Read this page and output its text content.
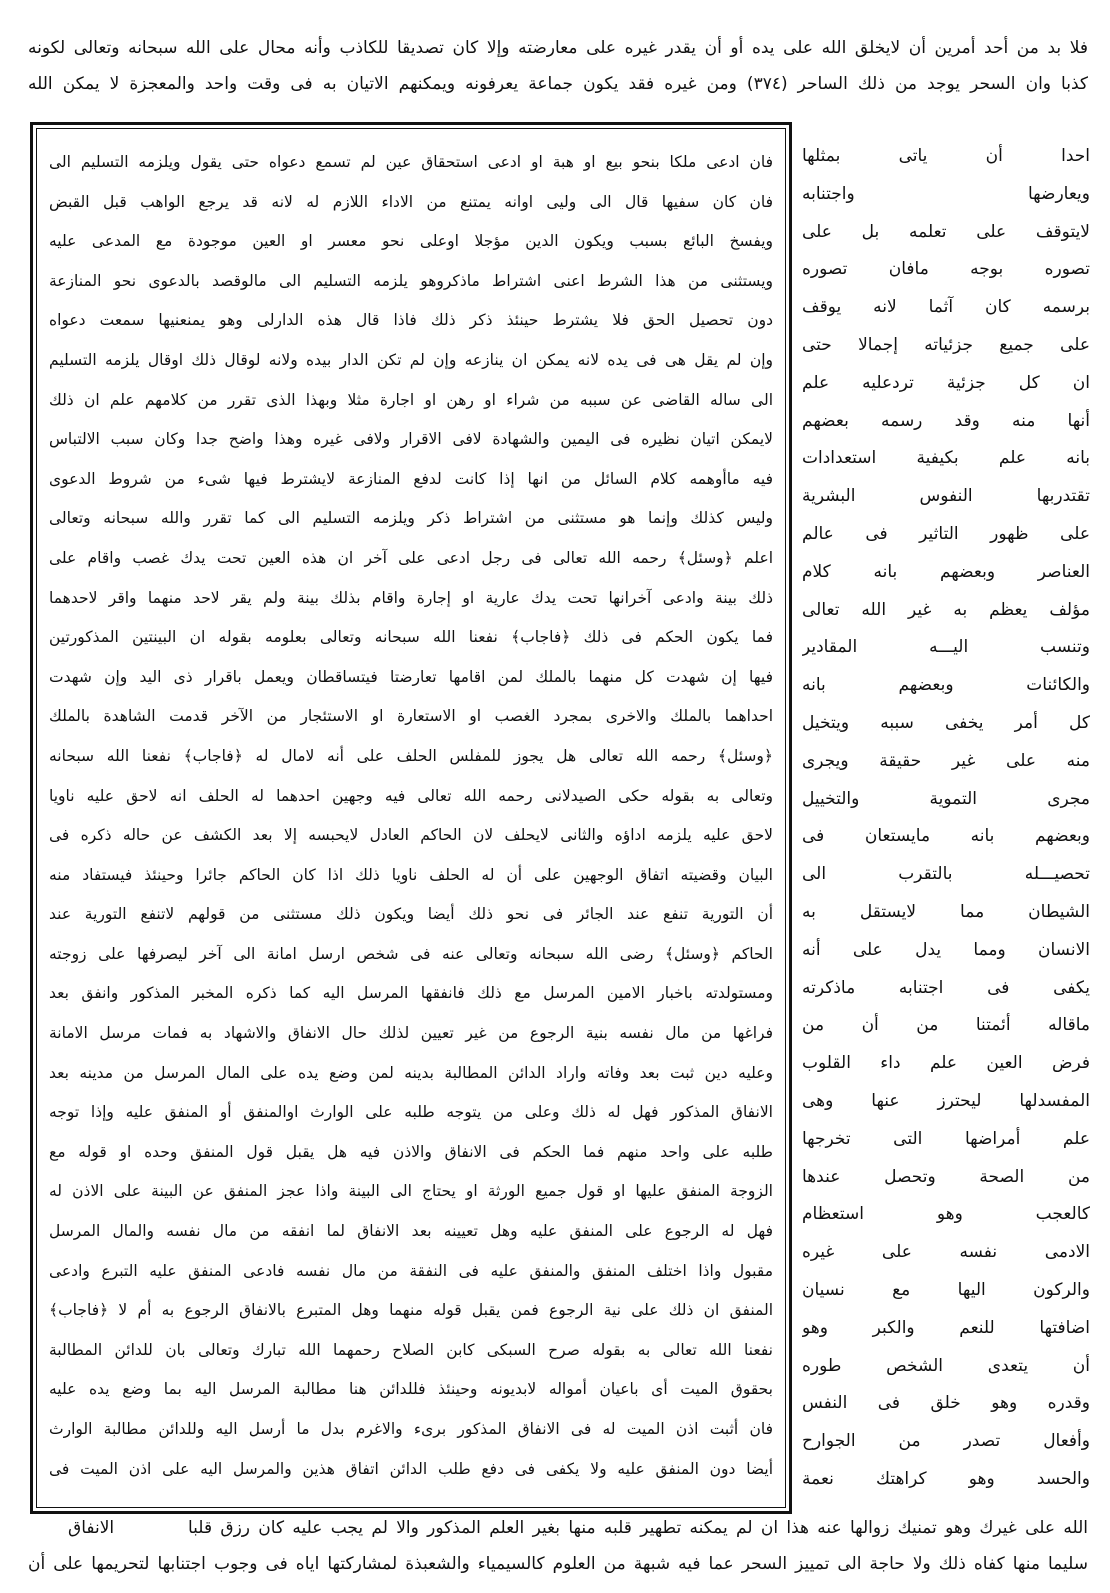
فلا بد من أحد أمرين أن لايخلق الله على يده أو أن يقدر غيره على معارضته وإلا كان تصديقا للكاذب وأنه محال على الله سبحانه وتعالى لكونه
كذبا وان السحر يوجد من ذلك الساحر (٣٧٤) ومن غيره فقد يكون جماعة يعرفونه ويمكنهم الاتيان به فى وقت واحد والمعجزة لا يمكن الله
فان ادعى ملكا بنحو بيع او هبة او ادعى استحقاق عين لم تسمع دعواه حتى يقول ويلزمه التسليم الى
فان كان سفيها قال الى وليى اوانه يمتنع من الاداء اللازم له لانه قد يرجع الواهب قبل القبض
ويفسخ البائع بسبب ويكون الدين مؤجلا اوعلى نحو معسر او العين موجودة مع المدعى عليه
ويستثنى من هذا الشرط اعنى اشتراط ماذكروهو يلزمه التسليم الى مالوقصد بالدعوى نحو المنازعة
دون تحصيل الحق فلا يشترط حينئذ ذكر ذلك فاذا قال هذه الدارلى وهو يمنعنيها سمعت دعواه
وإن لم يقل هى فى يده لانه يمكن ان ينازعه وإن لم تكن الدار بيده ولانه لوقال ذلك اوقال يلزمه التسليم
الى ساله القاضى عن سببه من شراء او رهن او اجارة مثلا وبهذا الذى تقرر من كلامهم علم ان ذلك
لايمكن اتيان نظيره فى اليمين والشهادة لافى الاقرار ولافى غيره وهذا واضح جدا وكان سبب الالتباس
فيه ماأوهمه كلام السائل من انها إذا كانت لدفع المنازعة لايشترط فيها شىء من شروط الدعوى
وليس كذلك وإنما هو مستثنى من اشتراط ذكر ويلزمه التسليم الى كما تقرر والله سبحانه وتعالى
اعلم ﴿وسئل﴾ رحمه الله تعالى فى رجل ادعى على آخر ان هذه العين تحت يدك غصب واقام على
ذلك بينة وادعى آخرانها تحت يدك عارية او إجارة واقام بذلك بينة ولم يقر لاحد منهما واقر لاحدهما
فما يكون الحكم فى ذلك ﴿فاجاب﴾ نفعنا الله سبحانه وتعالى بعلومه بقوله ان البينتين المذكورتين
فيها إن شهدت كل منهما بالملك لمن اقامها تعارضتا فيتساقطان ويعمل باقرار ذى اليد وإن شهدت
احداهما بالملك والاخرى بمجرد الغصب او الاستعارة او الاستئجار من الآخر قدمت الشاهدة بالملك
﴿وسئل﴾ رحمه الله تعالى هل يجوز للمفلس الحلف على أنه لامال له ﴿فاجاب﴾ نفعنا الله سبحانه
وتعالى به بقوله حكى الصيدلانى رحمه الله تعالى فيه وجهين احدهما له الحلف انه لاحق عليه ناويا
لاحق عليه يلزمه اداؤه والثانى لايحلف لان الحاكم العادل لايحبسه إلا بعد الكشف عن حاله ذكره فى
البيان وقضيته اتفاق الوجهين على أن له الحلف ناويا ذلك اذا كان الحاكم جائرا وحينئذ فيستفاد منه
أن التورية تنفع عند الجائر فى نحو ذلك أيضا ويكون ذلك مستثنى من قولهم لاتنفع التورية عند
الحاكم ﴿وسئل﴾ رضى الله سبحانه وتعالى عنه فى شخص ارسل امانة الى آخر ليصرفها على زوجته
ومستولدته باخبار الامين المرسل مع ذلك فانفقها المرسل اليه كما ذكره المخبر المذكور وانفق بعد
فراغها من مال نفسه بنية الرجوع من غير تعيين لذلك حال الانفاق والاشهاد به فمات مرسل الامانة
وعليه دين ثبت بعد وفاته واراد الدائن المطالبة بدينه لمن وضع يده على المال المرسل من مدينه بعد
الانفاق المذكور فهل له ذلك وعلى من يتوجه طلبه على الوارث اوالمنفق أو المنفق عليه وإذا توجه
طلبه على واحد منهم فما الحكم فى الانفاق والاذن فيه هل يقبل قول المنفق وحده او قوله مع
الزوجة المنفق عليها او قول جميع الورثة او يحتاج الى البينة واذا عجز المنفق عن البينة على الاذن له
فهل له الرجوع على المنفق عليه وهل تعيينه بعد الانفاق لما انفقه من مال نفسه والمال المرسل
مقبول واذا اختلف المنفق والمنفق عليه فى النفقة من مال نفسه فادعى المنفق عليه التبرع وادعى
المنفق ان ذلك على نية الرجوع فمن يقبل قوله منهما وهل المتبرع بالانفاق الرجوع به أم لا ﴿فاجاب﴾
نفعنا الله تعالى به بقوله صرح السبكى كابن الصلاح رحمهما الله تبارك وتعالى بان للدائن المطالبة
بحقوق الميت أى باعيان أمواله لابديونه وحينئذ فللدائن هنا مطالبة المرسل اليه بما وضع يده عليه
فان أثبت اذن الميت له فى الانفاق المذكور برىء والاغرم بدل ما أرسل اليه وللدائن مطالبة الوارث
أيضا دون المنفق عليه ولا يكفى فى دفع طلب الدائن اتفاق هذين والمرسل اليه على اذن الميت فى
احدا أن ياتى بمثلها
ويعارضها واجتنابه
لايتوقف على تعلمه بل على
تصوره بوجه مافان تصوره
برسمه كان آثما لانه يوقف
على جميع جزئياته إجمالا حتى
ان كل جزئية تردعليه علم
أنها منه وقد رسمه بعضهم
بانه علم بكيفية استعدادات
تقتدربها النفوس البشرية
على ظهور التاثير فى عالم
العناصر وبعضهم بانه كلام
مؤلف يعظم به غير الله تعالى
وتنسب اليـــه المقادير
والكائنات وبعضهم بانه
كل أمر يخفى سببه ويتخيل
منه على غير حقيقة ويجرى
مجرى التموية والتخييل
وبعضهم بانه مايستعان فى
تحصيـــله بالتقرب الى
الشيطان مما لايستقل به
الانسان ومما يدل على أنه
يكفى فى اجتنابه ماذكرته
ماقاله أئمتنا من أن من
فرض العين علم داء القلوب
المفسدلها ليحترز عنها وهى
علم أمراضها التى تخرجها
من الصحة وتحصل عندها
كالعجب وهو استعظام
الادمى نفسه على غيره
والركون اليها مع نسيان
اضافتها للنعم والكبر وهو
أن يتعدى الشخص طوره
وقدره وهو خلق فى النفس
وأفعال تصدر من الجوارح
والحسد وهو كراهتك نعمة
الله على غيرك وهو تمنيك زوالها عنه هذا ان لم يمكنه تطهير قلبه منها بغير العلم المذكور والا لم يجب عليه كان رزق قلبا
الانفاق
سليما منها كفاه ذلك ولا حاجة الى تمييز السحر عما فيه شبهة من العلوم كالسيمياء والشعبذة لمشاركتها اياه فى وجوب اجتنابها لتحريمها على أن
